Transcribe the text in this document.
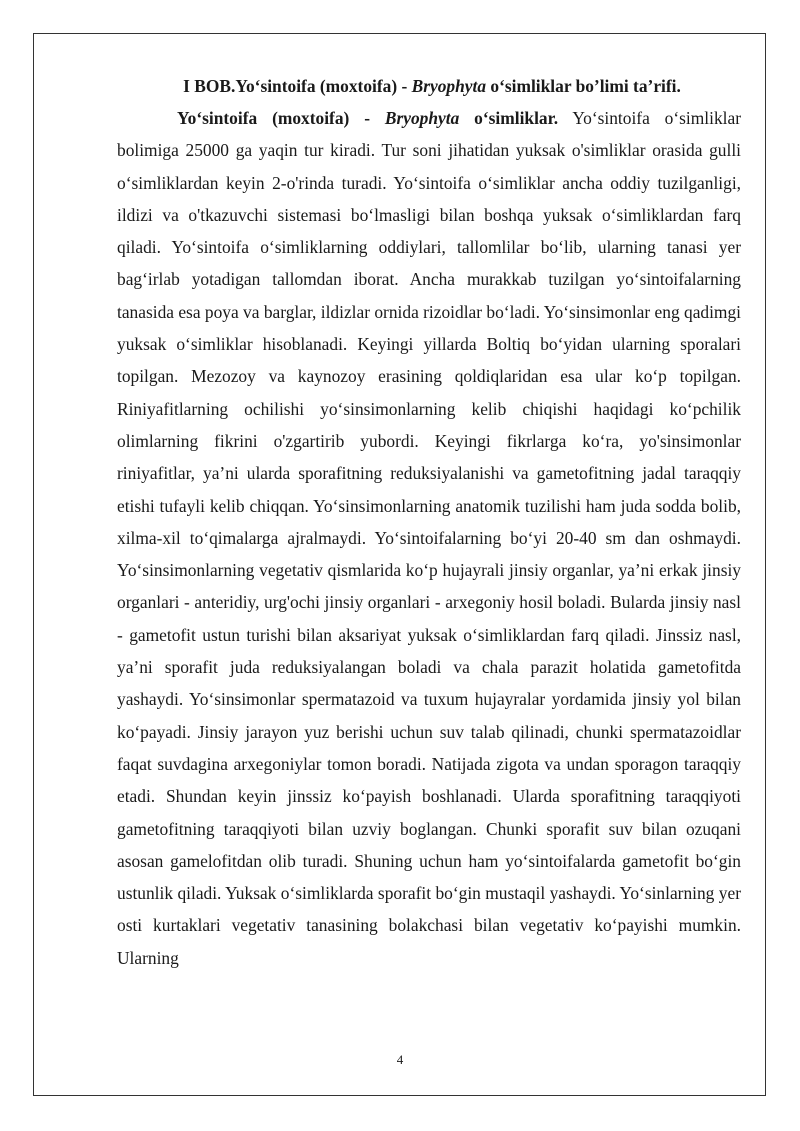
I BOB.Yo‘sintoifa (moxtoifa) - Bryophyta o‘simliklar bo’limi ta’rifi.

Yo‘sintoifa (moxtoifa) - Bryophyta o‘simliklar. Yo‘sintoifa o‘simliklar bolimiga 25000 ga yaqin tur kiradi. Tur soni jihatidan yuksak o'simliklar orasida gulli o‘simliklardan keyin 2-o'rinda turadi. Yo‘sintoifa o‘simliklar ancha oddiy tuzilganligi, ildizi va o'tkazuvchi sistemasi bo‘lmasligi bilan boshqa yuksak o‘simliklardan farq qiladi. Yo‘sintoifa o‘simliklarning oddiylari, tallomlilar bo‘lib, ularning tanasi yer bag‘irlab yotadigan tallomdan iborat. Ancha murakkab tuzilgan yo‘sintoifalarning tanasida esa poya va barglar, ildizlar ornida rizoidlar bo‘ladi. Yo‘sinsimonlar eng qadimgi yuksak o‘simliklar hisoblanadi. Keyingi yillarda Boltiq bo‘yidan ularning sporalari topilgan. Mezozoy va kaynozoy erasining qoldiqlaridan esa ular ko‘p topilgan. Riniyafitlarning ochilishi yo‘sinsimonlarning kelib chiqishi haqidagi ko‘pchilik olimlarning fikrini o'zgartirib yubordi. Keyingi fikrlarga ko‘ra, yo'sinsimonlar riniyafitlar, ya’ni ularda sporafitning reduksiyalanishi va gametofitning jadal taraqqiy etishi tufayli kelib chiqqan. Yo‘sinsimonlarning anatomik tuzilishi ham juda sodda bolib, xilma-xil to‘qimalarga ajralmaydi. Yo‘sintoifalarning bo‘yi 20-40 sm dan oshmaydi. Yo‘sinsimonlarning vegetativ qismlarida ko‘p hujayrali jinsiy organlar, ya’ni erkak jinsiy organlari - anteridiy, urg'ochi jinsiy organlari - arxegoniy hosil boladi. Bularda jinsiy nasl - gametofit ustun turishi bilan aksariyat yuksak o‘simliklardan farq qiladi. Jinssiz nasl, ya’ni sporafit juda reduksiyalangan boladi va chala parazit holatida gametofitda yashaydi. Yo‘sinsimonlar spermatazoid va tuxum hujayralar yordamida jinsiy yol bilan ko‘payadi. Jinsiy jarayon yuz berishi uchun suv talab qilinadi, chunki spermatazoidlar faqat suvdagina arxegoniylar tomon boradi. Natijada zigota va undan sporagon taraqqiy etadi. Shundan keyin jinssiz ko‘payish boshlanadi. Ularda sporafitning taraqqiyoti gametofitning taraqqiyoti bilan uzviy boglangan. Chunki sporafit suv bilan ozuqani asosan gamelofitdan olib turadi. Shuning uchun ham yo‘sintoifalarda gametofit bo‘gin ustunlik qiladi. Yuksak o‘simliklarda sporafit bo‘gin mustaqil yashaydi. Yo‘sinlarning yer osti kurtaklari vegetativ tanasining bolakchasi bilan vegetativ ko‘payishi mumkin. Ularning

4
